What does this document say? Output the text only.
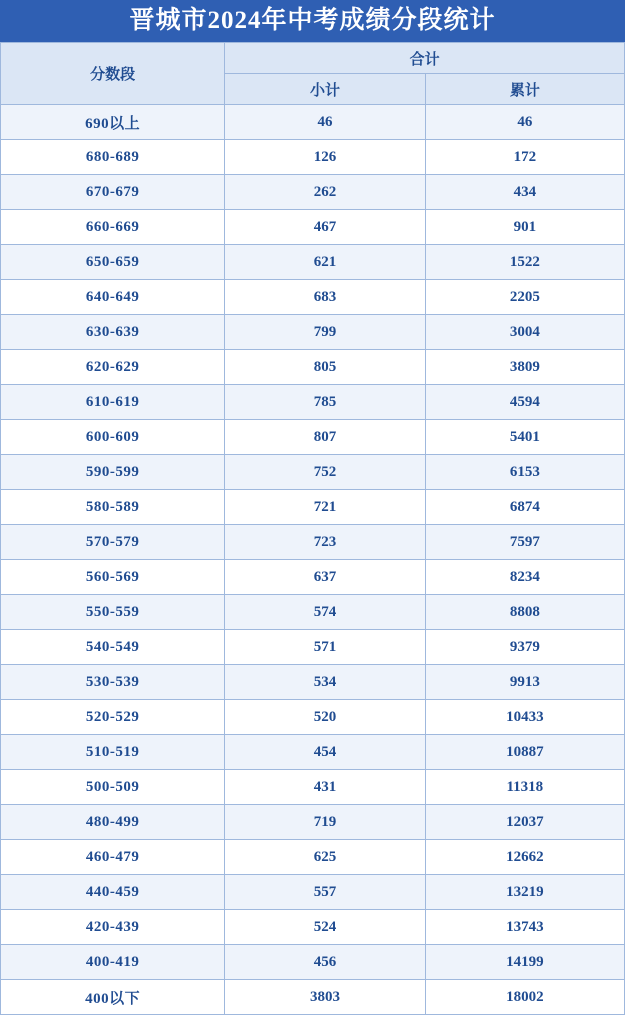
晋城市2024年中考成绩分段统计
分数段	合计	
	小计	累计
690以上	46	46
680-689	126	172
670-679	262	434
660-669	467	901
650-659	621	1522
640-649	683	2205
630-639	799	3004
620-629	805	3809
610-619	785	4594
600-609	807	5401
590-599	752	6153
580-589	721	6874
570-579	723	7597
560-569	637	8234
550-559	574	8808
540-549	571	9379
530-539	534	9913
520-529	520	10433
510-519	454	10887
500-509	431	11318
480-499	719	12037
460-479	625	12662
440-459	557	13219
420-439	524	13743
400-419	456	14199
400以下	3803	18002
